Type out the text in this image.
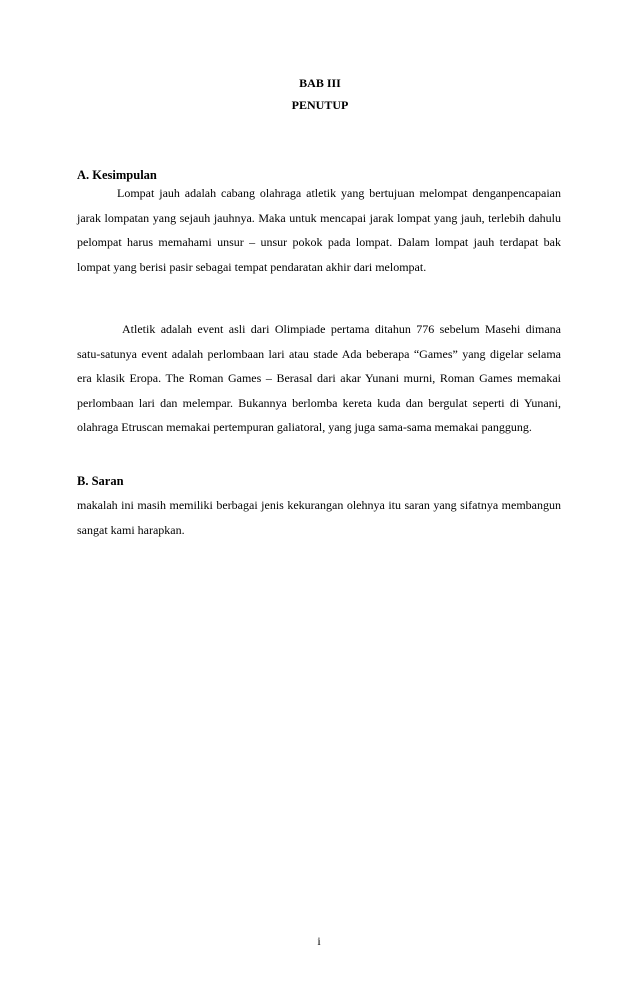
BAB III

PENUTUP

A. Kesimpulan

Lompat jauh adalah cabang olahraga atletik yang bertujuan melompat denganpencapaian jarak lompatan yang sejauh jauhnya. Maka untuk mencapai jarak lompat yang jauh, terlebih dahulu pelompat harus memahami unsur – unsur pokok pada lompat. Dalam lompat jauh terdapat bak lompat yang berisi pasir sebagai tempat pendaratan akhir dari melompat.

Atletik adalah event asli dari Olimpiade pertama ditahun 776 sebelum Masehi dimana satu-satunya event adalah perlombaan lari atau stade Ada beberapa “Games” yang digelar selama era klasik Eropa. The Roman Games – Berasal dari akar Yunani murni, Roman Games memakai perlombaan lari dan melempar. Bukannya berlomba kereta kuda dan bergulat seperti di Yunani, olahraga Etruscan memakai pertempuran galiatoral, yang juga sama-sama memakai panggung.

B. Saran

makalah ini masih memiliki berbagai jenis kekurangan olehnya itu saran yang sifatnya membangun sangat kami harapkan.

i
